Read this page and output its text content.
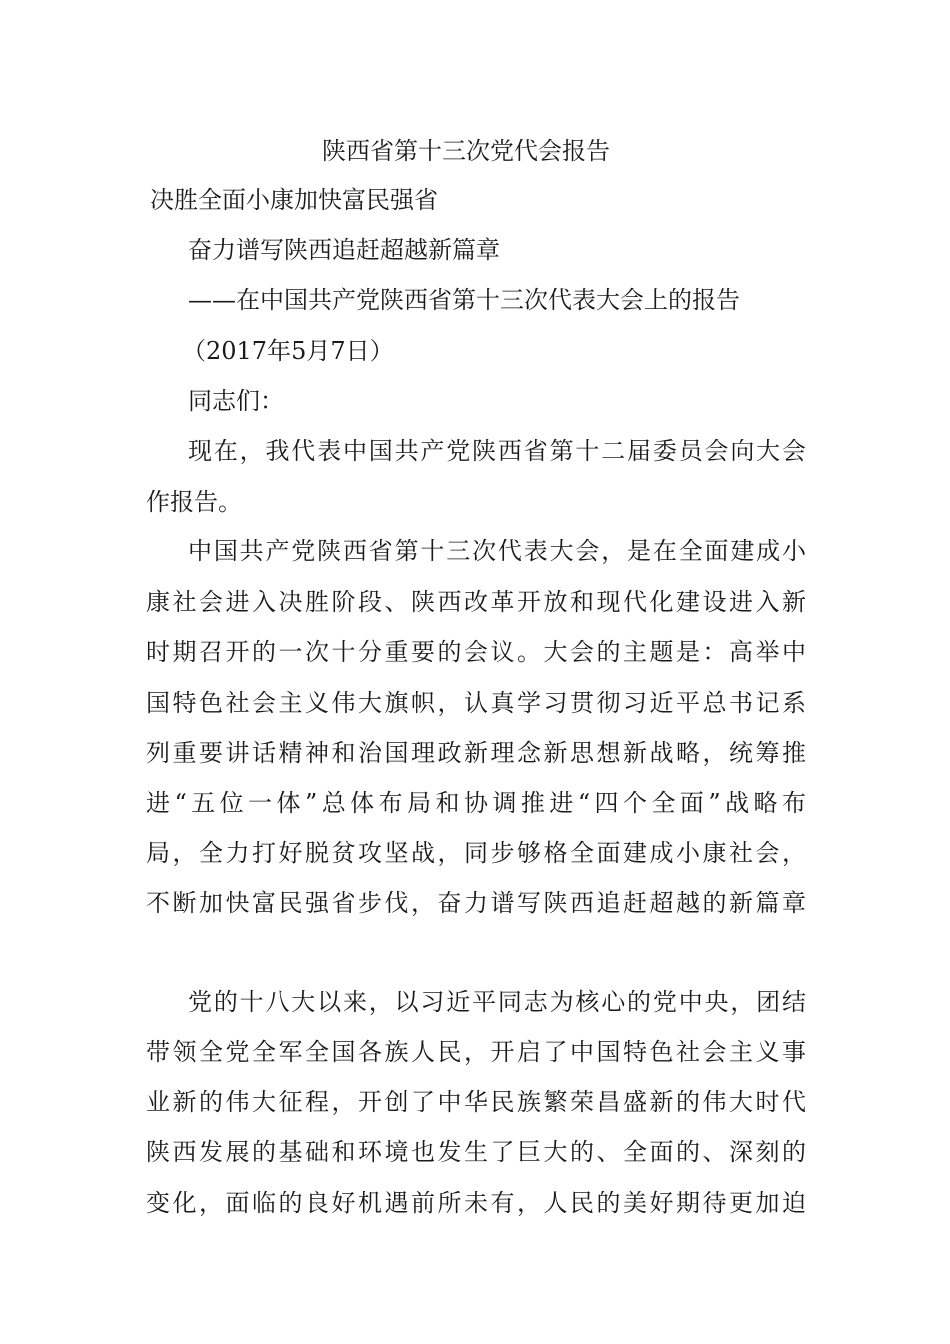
陕西省第十三次党代会报告
决胜全面小康加快富民强省
奋力谱写陕西追赶超越新篇章
——在中国共产党陕西省第十三次代表大会上的报告
（2017年5月7日）
同志们：
现在，我代表中国共产党陕西省第十二届委员会向大会
作报告。
中国共产党陕西省第十三次代表大会，是在全面建成小
康社会进入决胜阶段、陕西改革开放和现代化建设进入新
时期召开的一次十分重要的会议。大会的主题是：高举中
国特色社会主义伟大旗帜，认真学习贯彻习近平总书记系
列重要讲话精神和治国理政新理念新思想新战略，统筹推
进“五位一体”总体布局和协调推进“四个全面”战略布
局，全力打好脱贫攻坚战，同步够格全面建成小康社会，
不断加快富民强省步伐，奋力谱写陕西追赶超越的新篇章
党的十八大以来，以习近平同志为核心的党中央，团结
带领全党全军全国各族人民，开启了中国特色社会主义事
业新的伟大征程，开创了中华民族繁荣昌盛新的伟大时代
陕西发展的基础和环境也发生了巨大的、全面的、深刻的
变化，面临的良好机遇前所未有，人民的美好期待更加迫
